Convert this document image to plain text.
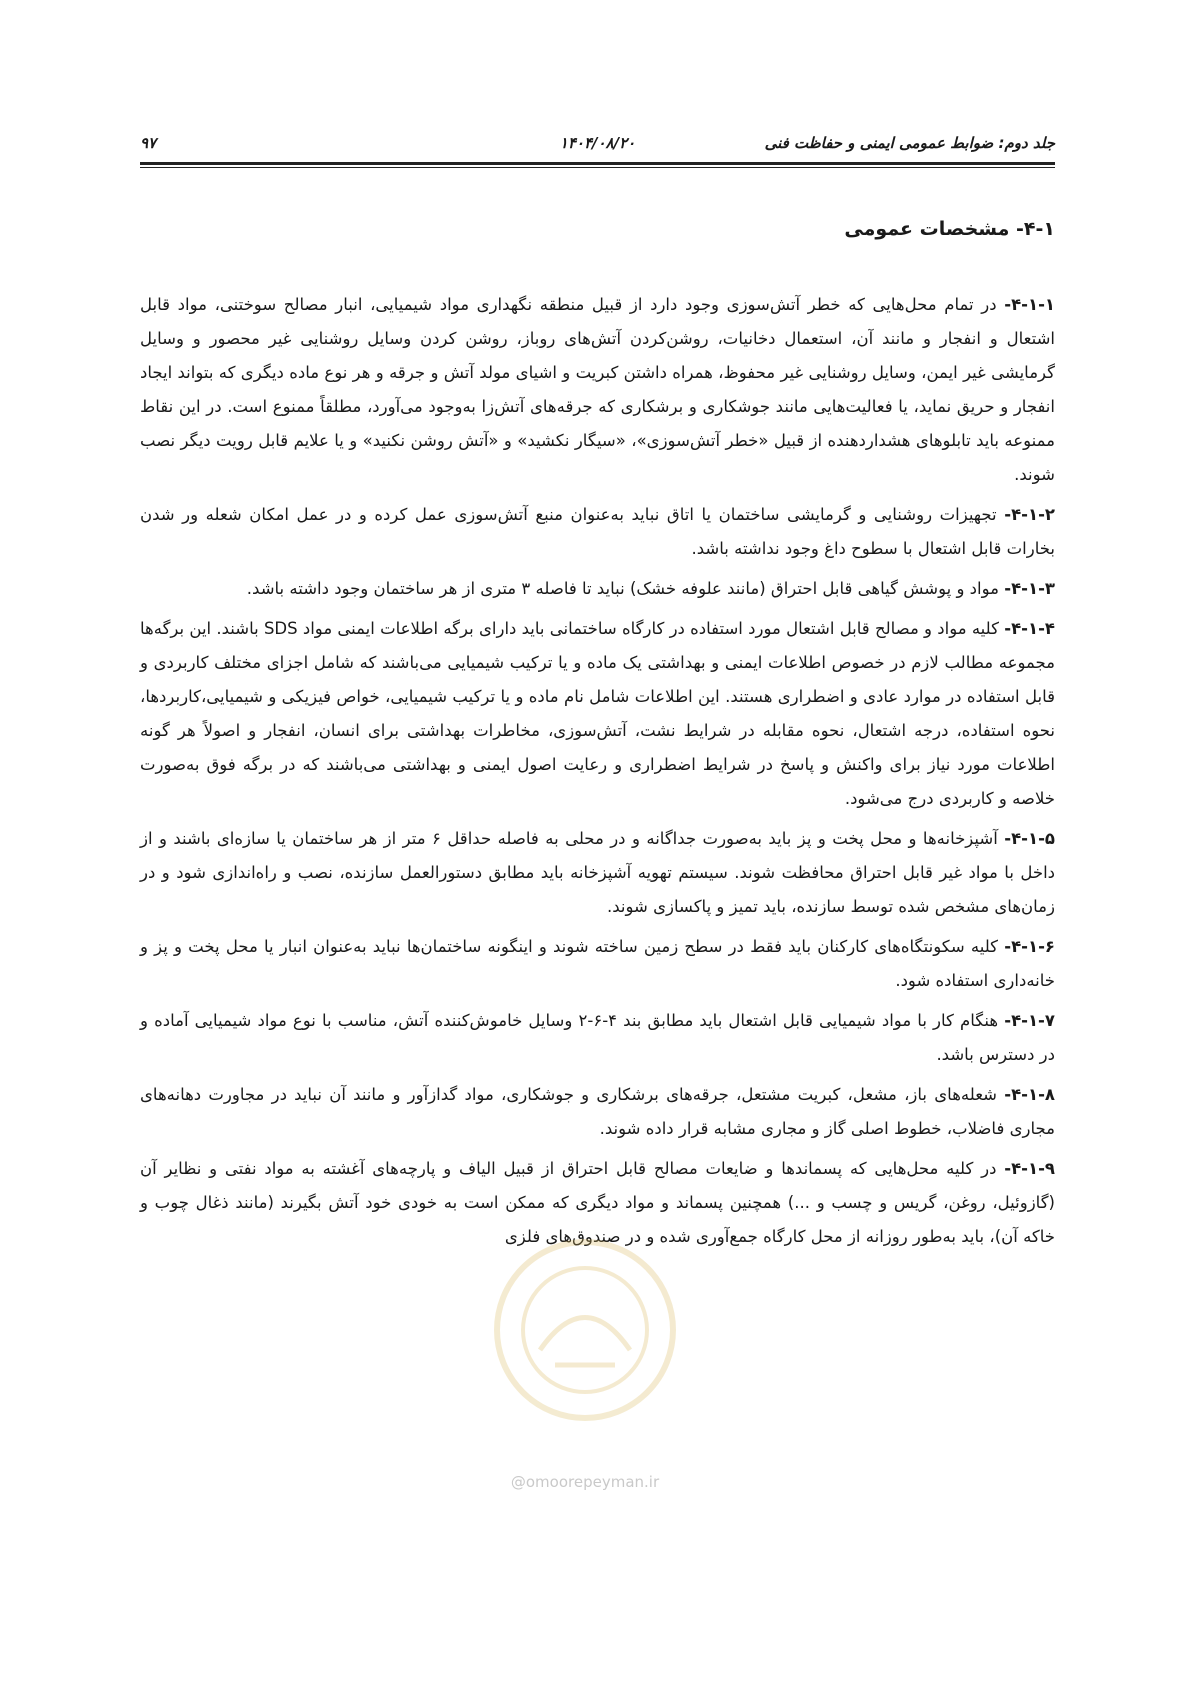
جلد دوم: ضوابط عمومی ایمنی و حفاظت فنی
۱۴۰۴/۰۸/۲۰
۹۷
۴-۱- مشخصات عمومی

۴-۱-۱- در تمام محل‌هایی که خطر آتش‌سوزی وجود دارد از قبیل منطقه نگهداری مواد شیمیایی، انبار مصالح سوختنی، مواد قابل اشتعال و انفجار و مانند آن، استعمال دخانیات، روشن‌کردن آتش‌های روباز، روشن کردن وسایل روشنایی غیر محصور و وسایل گرمایشی غیر ایمن، وسایل روشنایی غیر محفوظ، همراه داشتن کبریت و اشیای مولد آتش و جرقه و هر نوع ماده دیگری که بتواند ایجاد انفجار و حریق نماید، یا فعالیت‌هایی مانند جوشکاری و برشکاری که جرقه‌های آتش‌زا به‌وجود می‌آورد، مطلقاً ممنوع است. در این نقاط ممنوعه باید تابلوهای هشداردهنده از قبیل «خطر آتش‌سوزی»، «سیگار نکشید» و «آتش روشن نکنید» و یا علایم قابل رویت دیگر نصب شوند.

۴-۱-۲- تجهیزات روشنایی و گرمایشی ساختمان یا اتاق نباید به‌عنوان منبع آتش‌سوزی عمل کرده و در عمل امکان شعله ور شدن بخارات قابل اشتعال با سطوح داغ وجود نداشته باشد.

۴-۱-۳- مواد و پوشش گیاهی قابل احتراق (مانند علوفه خشک) نباید تا فاصله ۳ متری از هر ساختمان وجود داشته باشد.

۴-۱-۴- کلیه مواد و مصالح قابل اشتعال مورد استفاده در کارگاه ساختمانی باید دارای برگه اطلاعات ایمنی مواد SDS باشند. این برگه‌ها مجموعه مطالب لازم در خصوص اطلاعات ایمنی و بهداشتی یک ماده و یا ترکیب شیمیایی می‌باشند که شامل اجزای مختلف کاربردی و قابل استفاده در موارد عادی و اضطراری هستند. این اطلاعات شامل نام ماده و یا ترکیب شیمیایی، خواص فیزیکی و شیمیایی،کاربردها، نحوه استفاده، درجه اشتعال، نحوه مقابله در شرایط نشت، آتش‌سوزی، مخاطرات بهداشتی برای انسان، انفجار و اصولاً هر گونه اطلاعات مورد نیاز برای واکنش و پاسخ در شرایط اضطراری و رعایت اصول ایمنی و بهداشتی می‌باشند که در برگه فوق به‌صورت خلاصه و کاربردی درج می‌شود.

۴-۱-۵- آشپزخانه‌ها و محل پخت و پز باید به‌صورت جداگانه و در محلی به فاصله حداقل ۶ متر از هر ساختمان یا سازه‌ای باشند و از داخل با مواد غیر قابل احتراق محافظت شوند. سیستم تهویه آشپزخانه باید مطابق دستورالعمل سازنده، نصب و راه‌اندازی شود و در زمان‌های مشخص شده توسط سازنده، باید تمیز و پاکسازی شوند.

۴-۱-۶- کلیه سکونتگاه‌های کارکنان باید فقط در سطح زمین ساخته شوند و اینگونه ساختمان‌ها نباید به‌عنوان انبار یا محل پخت و پز و خانه‌داری استفاده شود.

۴-۱-۷- هنگام کار با مواد شیمیایی قابل اشتعال باید مطابق بند ۴-۶-۲ وسایل خاموش‌کننده آتش، مناسب با نوع مواد شیمیایی آماده و در دسترس باشد.

۴-۱-۸- شعله‌های باز، مشعل، کبریت مشتعل، جرقه‌های برشکاری و جوشکاری، مواد گدازآور و مانند آن نباید در مجاورت دهانه‌های مجاری فاضلاب، خطوط اصلی گاز و مجاری مشابه قرار داده شوند.

۴-۱-۹- در کلیه محل‌هایی که پسماندها و ضایعات مصالح قابل احتراق از قبیل الیاف و پارچه‌های آغشته به مواد نفتی و نظایر آن (گازوئیل، روغن، گریس و چسب و ...) همچنین پسماند و مواد دیگری که ممکن است به خودی خود آتش بگیرند (مانند ذغال چوب و خاکه آن)، باید به‌طور روزانه از محل کارگاه جمع‌آوری شده و در صندوق‌های فلزی

@omoorepeyman.ir
